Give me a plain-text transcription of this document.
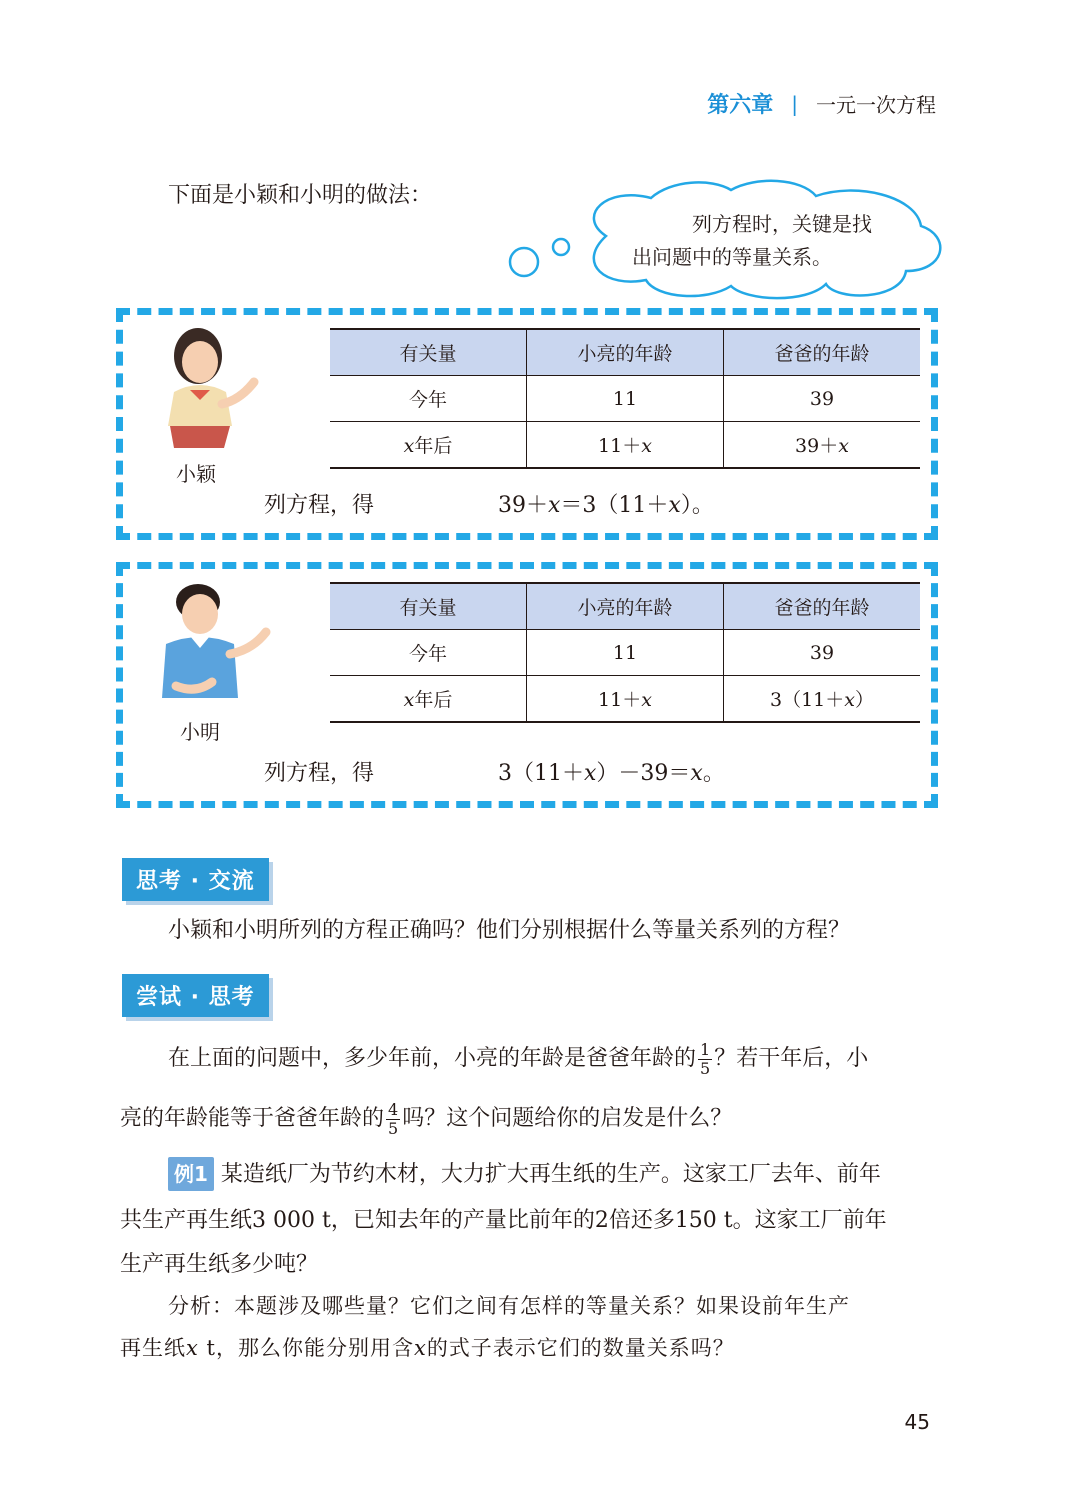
第六章 | 一元一次方程
下面是小颖和小明的做法：
列方程时，关键是找
出问题中的等量关系。
小颖
有关量	小亮的年龄	爸爸的年龄
今年	11	39
x年后	11＋x	39＋x
列方程，得	39＋x＝3（11＋x）。
小明
有关量	小亮的年龄	爸爸的年龄
今年	11	39
x年后	11＋x	3（11＋x）
列方程，得	3（11＋x）－39＝x。
思考 · 交流
小颖和小明所列的方程正确吗？他们分别根据什么等量关系列的方程？
尝试 · 思考
在上面的问题中，多少年前，小亮的年龄是爸爸年龄的 $\frac{1}{5}$ ？若干年后，小
亮的年龄能等于爸爸年龄的 $\frac{4}{5}$ 吗？这个问题给你的启发是什么？
例1 某造纸厂为节约木材，大力扩大再生纸的生产。这家工厂去年、前年
共生产再生纸3 000 t，已知去年的产量比前年的2倍还多150 t。这家工厂前年
生产再生纸多少吨？
分析：本题涉及哪些量？它们之间有怎样的等量关系？如果设前年生产
再生纸x t，那么你能分别用含x的式子表示它们的数量关系吗？
45
